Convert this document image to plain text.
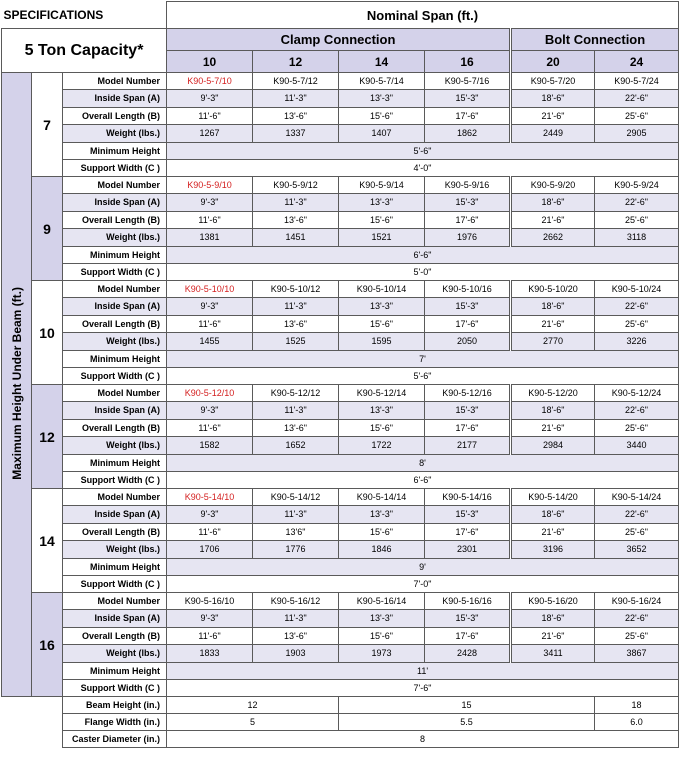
SPECIFICATIONS			Nominal Span (ft.)					
5 Ton Capacity*			Clamp Connection				Bolt Connection	
			10	12	14	16	20	24
Maximum Height Under Beam (ft.)	7	Model Number	K90-5-7/10	K90-5-7/12	K90-5-7/14	K90-5-7/16	K90-5-7/20	K90-5-7/24
		Inside Span (A)	9'-3"	11'-3"	13'-3"	15'-3"	18'-6"	22'-6"
		Overall Length (B)	11'-6"	13'-6"	15'-6"	17'-6"	21'-6"	25'-6"
		Weight (lbs.)	1267	1337	1407	1862	2449	2905
		Minimum Height	5'-6"					
		Support Width (C )	4'-0"					
	9	Model Number	K90-5-9/10	K90-5-9/12	K90-5-9/14	K90-5-9/16	K90-5-9/20	K90-5-9/24
		Inside Span (A)	9'-3"	11'-3"	13'-3"	15'-3"	18'-6"	22'-6"
		Overall Length (B)	11'-6"	13'-6"	15'-6"	17'-6"	21'-6"	25'-6"
		Weight (lbs.)	1381	1451	1521	1976	2662	3118
		Minimum Height	6'-6"					
		Support Width (C )	5'-0"					
	10	Model Number	K90-5-10/10	K90-5-10/12	K90-5-10/14	K90-5-10/16	K90-5-10/20	K90-5-10/24
		Inside Span (A)	9'-3"	11'-3"	13'-3"	15'-3"	18'-6"	22'-6"
		Overall Length (B)	11'-6"	13'-6"	15'-6"	17'-6"	21'-6"	25'-6"
		Weight (lbs.)	1455	1525	1595	2050	2770	3226
		Minimum Height	7'					
		Support Width (C )	5'-6"					
	12	Model Number	K90-5-12/10	K90-5-12/12	K90-5-12/14	K90-5-12/16	K90-5-12/20	K90-5-12/24
		Inside Span (A)	9'-3"	11'-3"	13'-3"	15'-3"	18'-6"	22'-6"
		Overall Length (B)	11'-6"	13'-6"	15'-6"	17'-6"	21'-6"	25'-6"
		Weight (lbs.)	1582	1652	1722	2177	2984	3440
		Minimum Height	8'					
		Support Width (C )	6'-6"					
	14	Model Number	K90-5-14/10	K90-5-14/12	K90-5-14/14	K90-5-14/16	K90-5-14/20	K90-5-14/24
		Inside Span (A)	9'-3"	11'-3"	13'-3"	15'-3"	18'-6"	22'-6"
		Overall Length (B)	11'-6"	13'6"	15'-6"	17'-6"	21'-6"	25'-6"
		Weight (lbs.)	1706	1776	1846	2301	3196	3652
		Minimum Height	9'					
		Support Width (C )	7'-0"					
	16	Model Number	K90-5-16/10	K90-5-16/12	K90-5-16/14	K90-5-16/16	K90-5-16/20	K90-5-16/24
		Inside Span (A)	9'-3"	11'-3"	13'-3"	15'-3"	18'-6"	22'-6"
		Overall Length (B)	11'-6"	13'-6"	15'-6"	17'-6"	21'-6"	25'-6"
		Weight (lbs.)	1833	1903	1973	2428	3411	3867
		Minimum Height	11'					
		Support Width (C )	7'-6"					
		Beam Height (in.)	12		15			18
		Flange Width (in.)	5		5.5			6.0
		Caster Diameter (in.)	8					
